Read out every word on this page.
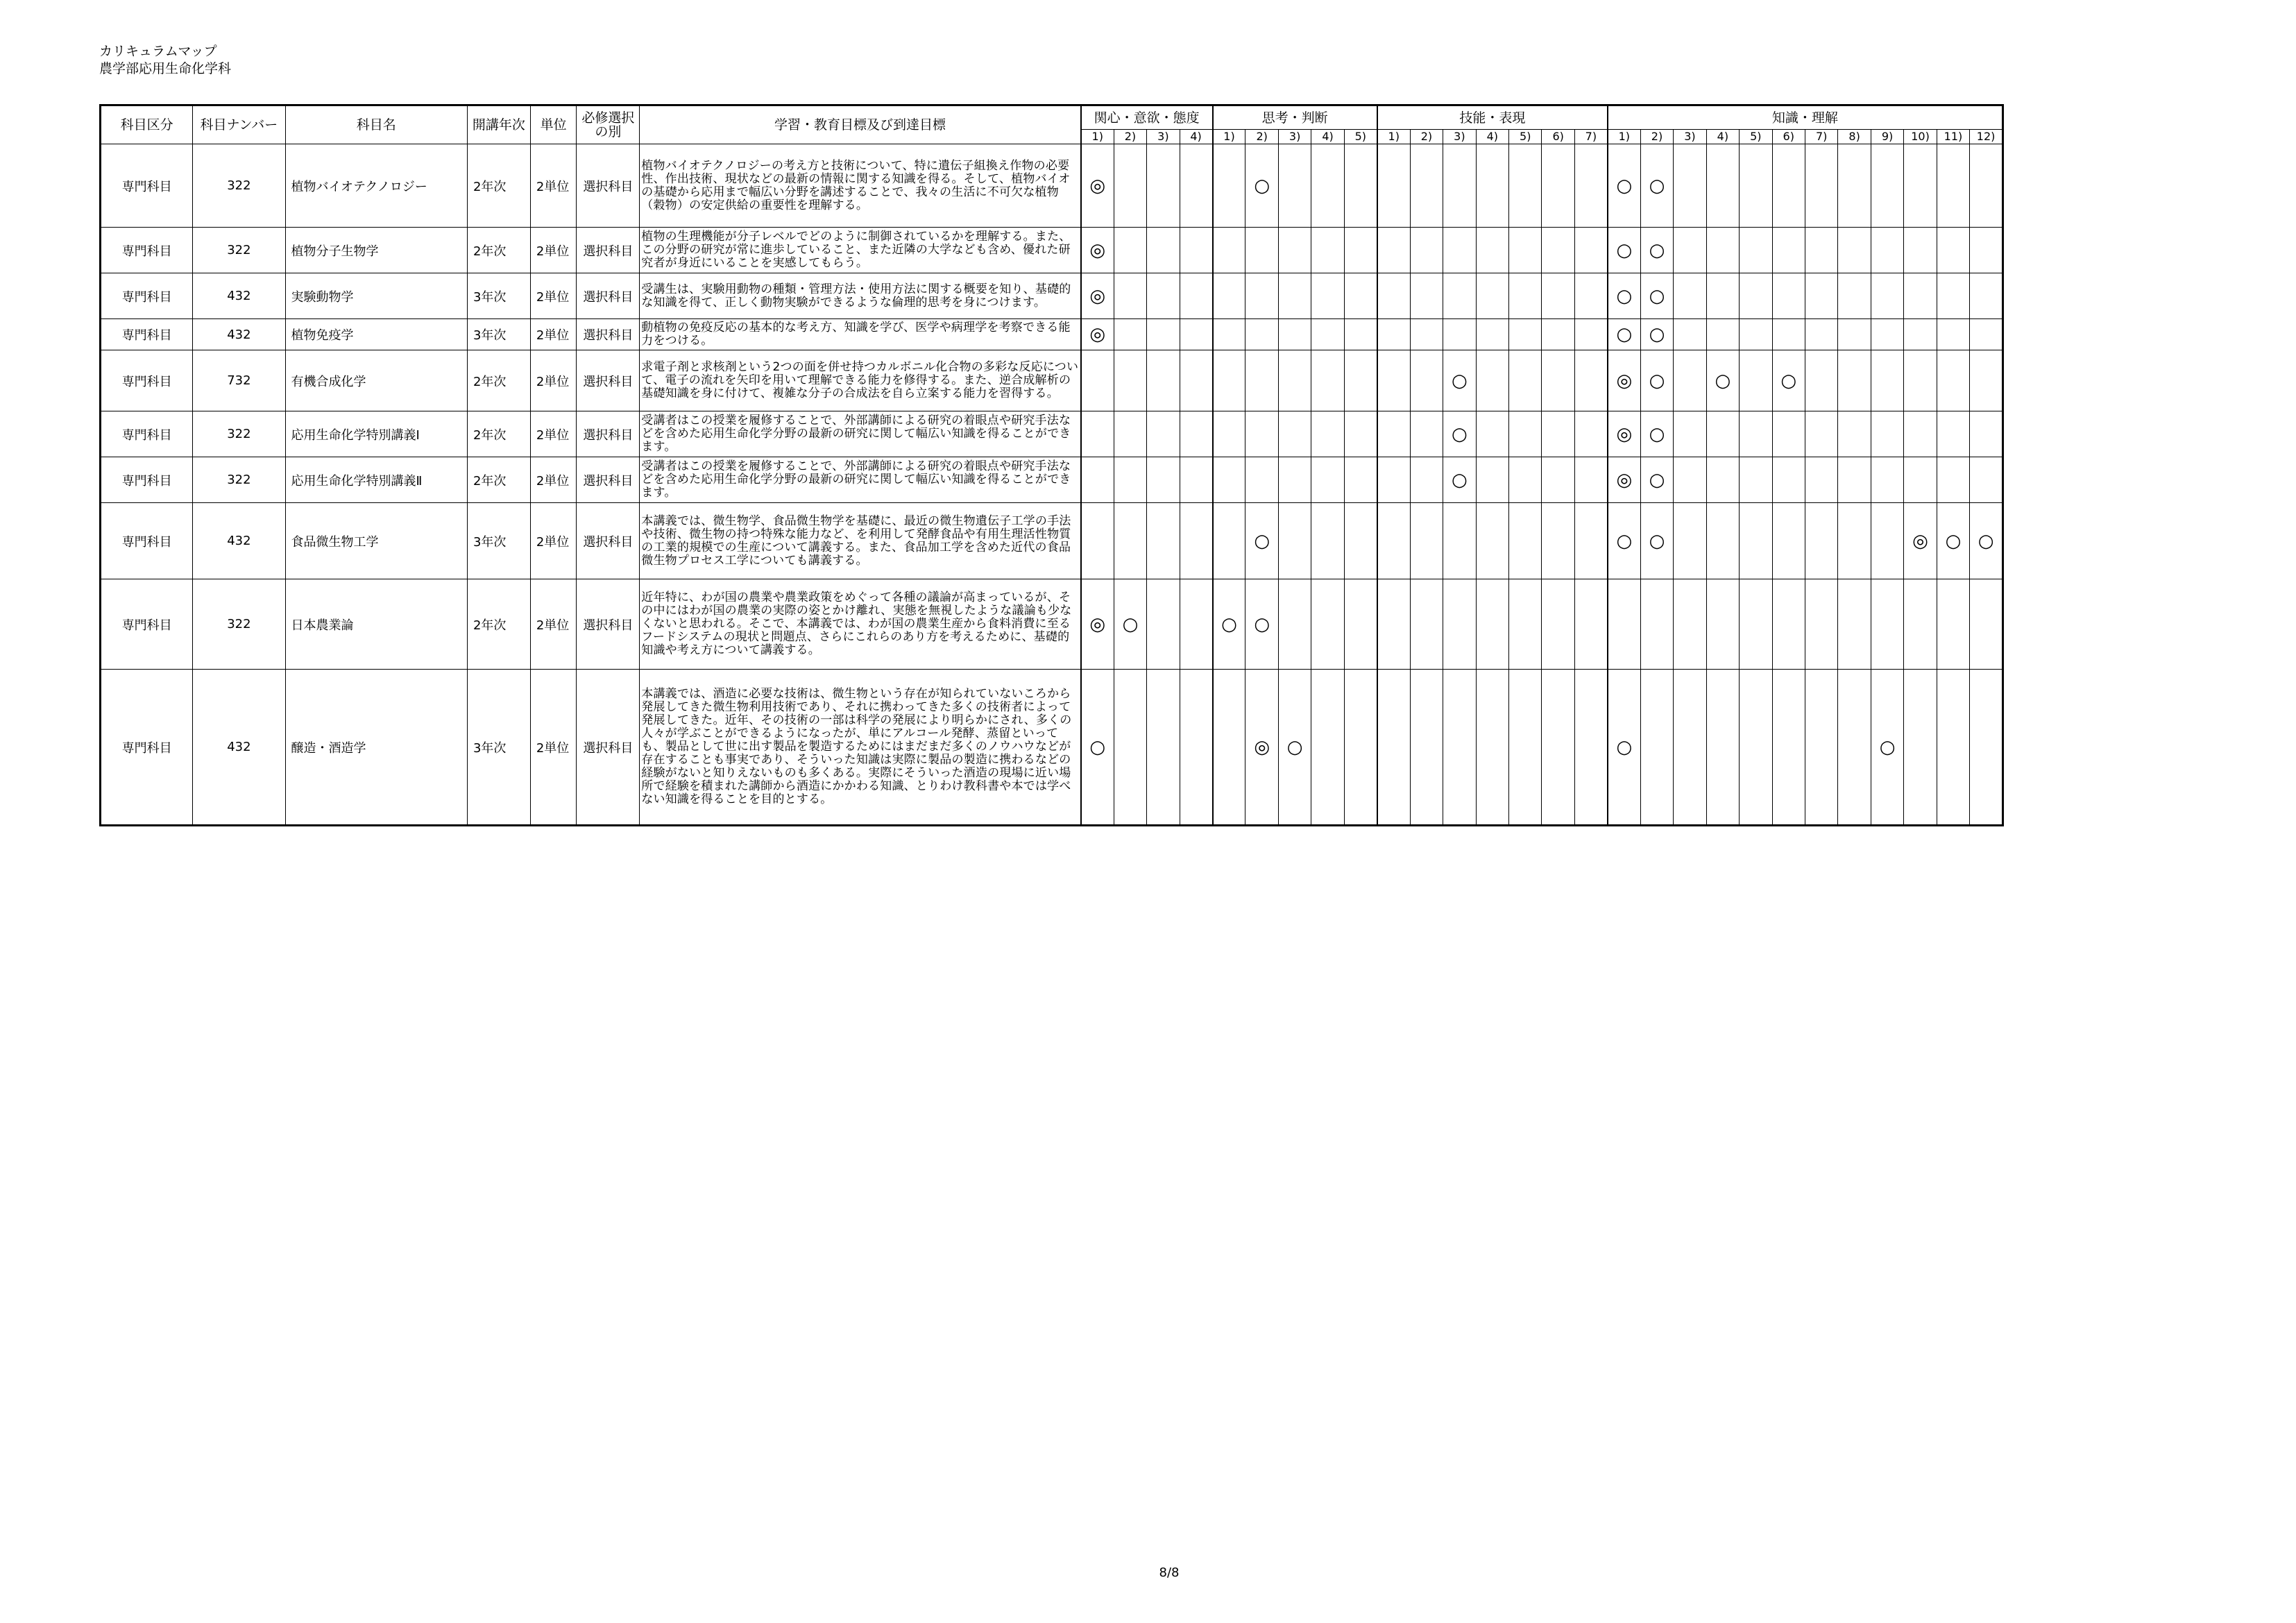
カリキュラムマップ
農学部応用生命化学科
科目区分	科目ナンバー	科目名	開講年次	単位	必修選択の別	学習・教育目標及び到達目標	関心・意欲・態度				思考・判断					技能・表現							知識・理解											
							1)	2)	3)	4)	1)	2)	3)	4)	5)	1)	2)	3)	4)	5)	6)	7)	1)	2)	3)	4)	5)	6)	7)	8)	9)	10)	11)	12)
専門科目	322	植物バイオテクノロジー	2年次	2単位	選択科目	植物バイオテクノロジーの考え方と技術について、特に遺伝子組換え作物の必要性、作出技術、現状などの最新の情報に関する知識を得る。そして、植物バイオの基礎から応用まで幅広い分野を講述することで、我々の生活に不可欠な植物（穀物）の安定供給の重要性を理解する。	◎					○											○	○										
専門科目	322	植物分子生物学	2年次	2単位	選択科目	植物の生理機能が分子レベルでどのように制御されているかを理解する。また、この分野の研究が常に進歩していること、また近隣の大学なども含め、優れた研究者が身近にいることを実感してもらう。	◎																○	○										
専門科目	432	実験動物学	3年次	2単位	選択科目	受講生は、実験用動物の種類・管理方法・使用方法に関する概要を知り、基礎的な知識を得て、正しく動物実験ができるような倫理的思考を身につけます。	◎																○	○										
専門科目	432	植物免疫学	3年次	2単位	選択科目	動植物の免疫反応の基本的な考え方、知識を学び、医学や病理学を考察できる能力をつける。	◎																○	○										
専門科目	732	有機合成化学	2年次	2単位	選択科目	求電子剤と求核剤という2つの面を併せ持つカルボニル化合物の多彩な反応について、電子の流れを矢印を用いて理解できる能力を修得する。また、逆合成解析の基礎知識を身に付けて、複雑な分子の合成法を自ら立案する能力を習得する。												○					◎	○		○		○						
専門科目	322	応用生命化学特別講義Ⅰ	2年次	2単位	選択科目	受講者はこの授業を履修することで、外部講師による研究の着眼点や研究手法などを含めた応用生命化学分野の最新の研究に関して幅広い知識を得ることができます。												○					◎	○										
専門科目	322	応用生命化学特別講義Ⅱ	2年次	2単位	選択科目	受講者はこの授業を履修することで、外部講師による研究の着眼点や研究手法などを含めた応用生命化学分野の最新の研究に関して幅広い知識を得ることができます。												○					◎	○										
専門科目	432	食品微生物工学	3年次	2単位	選択科目	本講義では、微生物学、食品微生物学を基礎に、最近の微生物遺伝子工学の手法や技術、微生物の持つ特殊な能力など、を利用して発酵食品や有用生理活性物質の工業的規模での生産について講義する。また、食品加工学を含めた近代の食品微生物プロセス工学についても講義する。						○											○	○								◎	○	○
専門科目	322	日本農業論	2年次	2単位	選択科目	近年特に、わが国の農業や農業政策をめぐって各種の議論が高まっているが、その中にはわが国の農業の実際の姿とかけ離れ、実態を無視したような議論も少なくないと思われる。そこで、本講義では、わが国の農業生産から食料消費に至るフードシステムの現状と問題点、さらにこれらのあり方を考えるために、基礎的知識や考え方について講義する。	◎	○			○	○																						
専門科目	432	醸造・酒造学	3年次	2単位	選択科目	本講義では、酒造に必要な技術は、微生物という存在が知られていないころから発展してきた微生物利用技術であり、それに携わってきた多くの技術者によって発展してきた。近年、その技術の一部は科学の発展により明らかにされ、多くの人々が学ぶことができるようになったが、単にアルコール発酵、蒸留といっても、製品として世に出す製品を製造するためにはまだまだ多くのノウハウなどが存在することも事実であり、そういった知識は実際に製品の製造に携わるなどの経験がないと知りえないものも多くある。実際にそういった酒造の現場に近い場所で経験を積まれた講師から酒造にかかわる知識、とりわけ教科書や本では学べない知識を得ることを目的とする。	○					◎	○										○								○			
8/8
